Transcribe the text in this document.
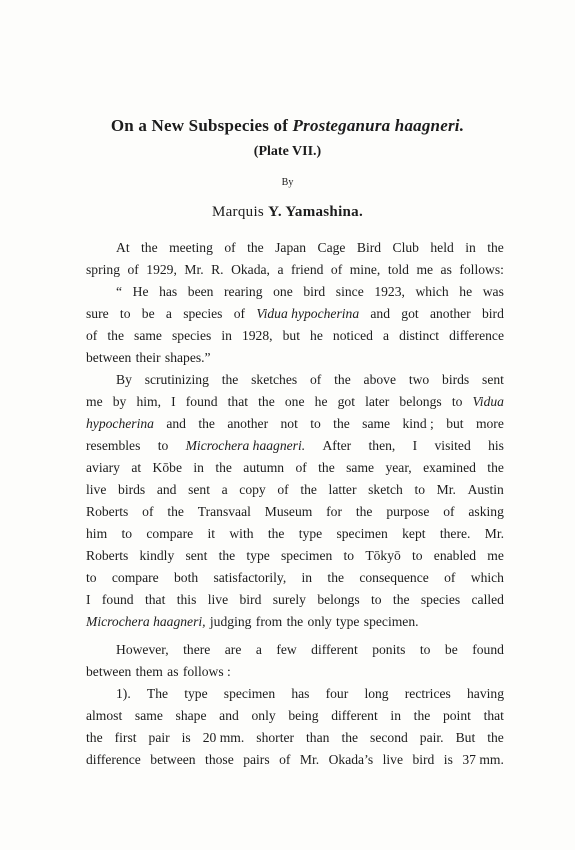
On a New Subspecies of Prosteganura haagneri.
(Plate VII.)
By
Marquis Y. Yamashina.
At the meeting of the Japan Cage Bird Club held in the
spring of 1929, Mr. R. Okada, a friend of mine, told me as follows:
“ He has been rearing one bird since 1923, which he was
sure to be a species of Vidua hypocherina and got another bird
of the same species in 1928, but he noticed a distinct difference
between their shapes.”
By scrutinizing the sketches of the above two birds sent
me by him, I found that the one he got later belongs to Vidua
hypocherina and the another not to the same kind ; but more
resembles to Microchera haagneri. After then, I visited his
aviary at Kōbe in the autumn of the same year, examined the
live birds and sent a copy of the latter sketch to Mr. Austin
Roberts of the Transvaal Museum for the purpose of asking
him to compare it with the type specimen kept there. Mr.
Roberts kindly sent the type specimen to Tōkyō to enabled me
to compare both satisfactorily, in the consequence of which
I found that this live bird surely belongs to the species called
Microchera haagneri, judging from the only type specimen.
However, there are a few different ponits to be found
between them as follows :
1). The type specimen has four long rectrices having
almost same shape and only being different in the point that
the first pair is 20 mm. shorter than the second pair. But the
difference between those pairs of Mr. Okada’s live bird is 37 mm.
